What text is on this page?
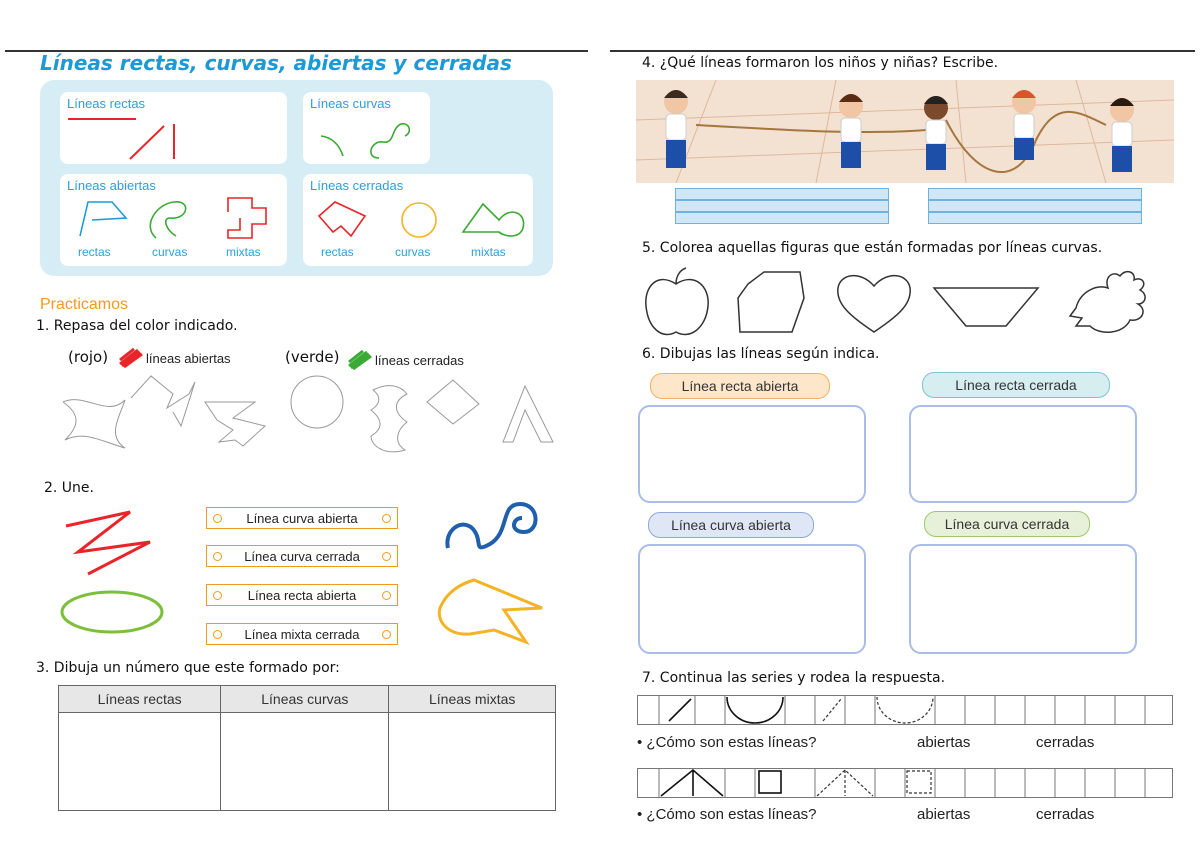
Líneas rectas, curvas, abiertas y cerradas
Líneas rectas	Líneas curvas
Líneas abiertas
rectas	curvas	mixtas
Líneas cerradas
rectas	curvas	mixtas
Practicamos
1. Repasa del color indicado.
(rojo)	líneas abiertas	(verde)	líneas cerradas
2. Une.
Línea curva abierta
Línea curva cerrada
Línea recta abierta
Línea mixta cerrada
3. Dibuja un número que este formado por:
Líneas rectas	Líneas curvas	Líneas mixtas

4. ¿Qué líneas formaron los niños y niñas? Escribe.
5. Colorea aquellas figuras que están formadas por líneas curvas.
6. Dibujas las líneas según indica.
Línea recta abierta	Línea recta cerrada
Línea curva abierta	Línea curva cerrada
7. Continua las series y rodea la respuesta.
• ¿Cómo son estas líneas?	abiertas	cerradas
• ¿Cómo son estas líneas?	abiertas	cerradas
